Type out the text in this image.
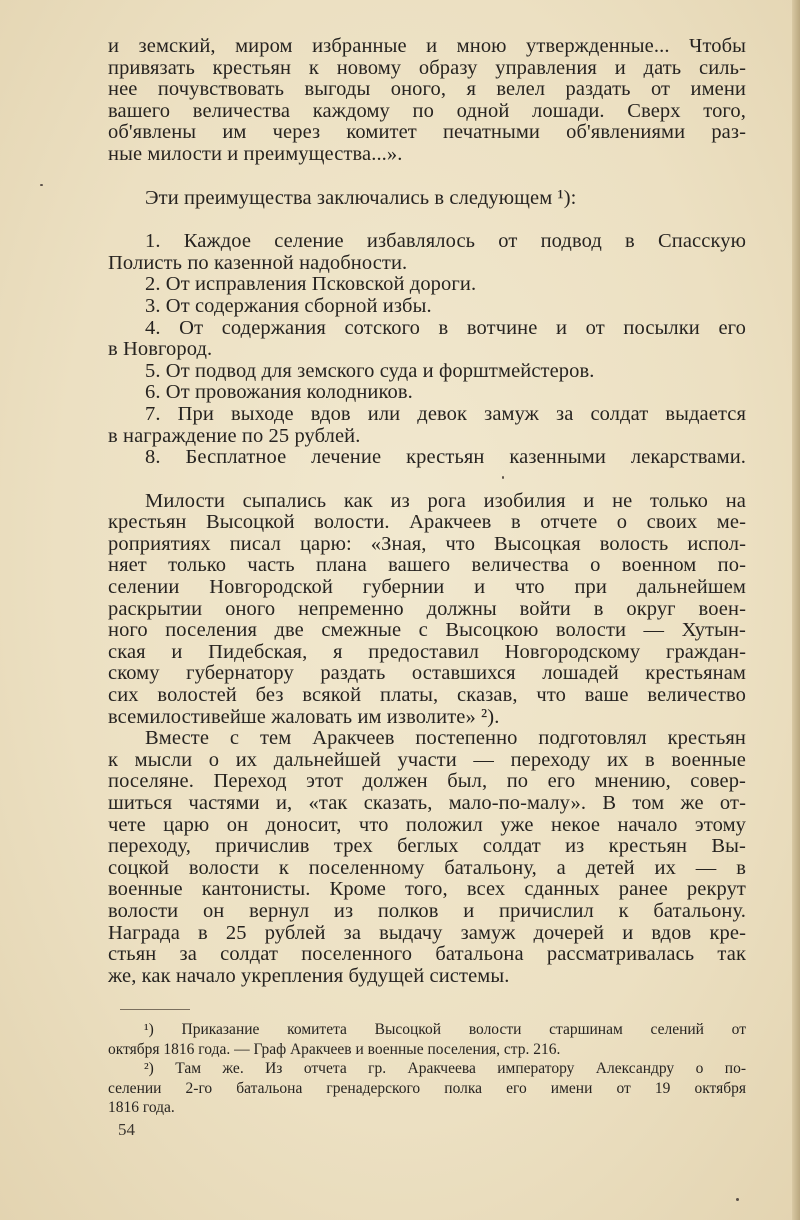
и земский, миром избранные и мною утвержденные... Чтобы
привязать крестьян к новому образу управления и дать силь-
нее почувствовать выгоды оного, я велел раздать от имени
вашего величества каждому по одной лошади. Сверх того,
об'явлены им через комитет печатными об'явлениями раз-
ные милости и преимущества...».
Эти преимущества заключались в следующем ¹):
1. Каждое селение избавлялось от подвод в Спасскую
Полисть по казенной надобности.
2. От исправления Псковской дороги.
3. От содержания сборной избы.
4. От содержания сотского в вотчине и от посылки его
в Новгород.
5. От подвод для земского суда и форштмейстеров.
6. От провожания колодников.
7. При выходе вдов или девок замуж за солдат выдается
в награждение по 25 рублей.
8. Бесплатное лечение крестьян казенными лекарствами.
Милости сыпались как из рога изобилия и не только на
крестьян Высоцкой волости. Аракчеев в отчете о своих ме-
роприятиях писал царю: «Зная, что Высоцкая волость испол-
няет только часть плана вашего величества о военном по-
селении Новгородской губернии и что при дальнейшем
раскрытии оного непременно должны войти в округ воен-
ного поселения две смежные с Высоцкою волости — Хутын-
ская и Пидебская, я предоставил Новгородскому граждан-
скому губернатору раздать оставшихся лошадей крестьянам
сих волостей без всякой платы, сказав, что ваше величество
всемилостивейше жаловать им изволите» ²).
Вместе с тем Аракчеев постепенно подготовлял крестьян
к мысли о их дальнейшей участи — переходу их в военные
поселяне. Переход этот должен был, по его мнению, совер-
шиться частями и, «так сказать, мало-по-малу». В том же от-
чете царю он доносит, что положил уже некое начало этому
переходу, причислив трех беглых солдат из крестьян Вы-
соцкой волости к поселенному батальону, а детей их — в
военные кантонисты. Кроме того, всех сданных ранее рекрут
волости он вернул из полков и причислил к батальону.
Награда в 25 рублей за выдачу замуж дочерей и вдов кре-
стьян за солдат поселенного батальона рассматривалась так
же, как начало укрепления будущей системы.
¹) Приказание комитета Высоцкой волости старшинам селений от
октября 1816 года. — Граф Аракчеев и военные поселения, стр. 216.
²) Там же. Из отчета гр. Аракчеева императору Александру о по-
селении 2-го батальона гренадерского полка его имени от 19 октября
1816 года.
54
